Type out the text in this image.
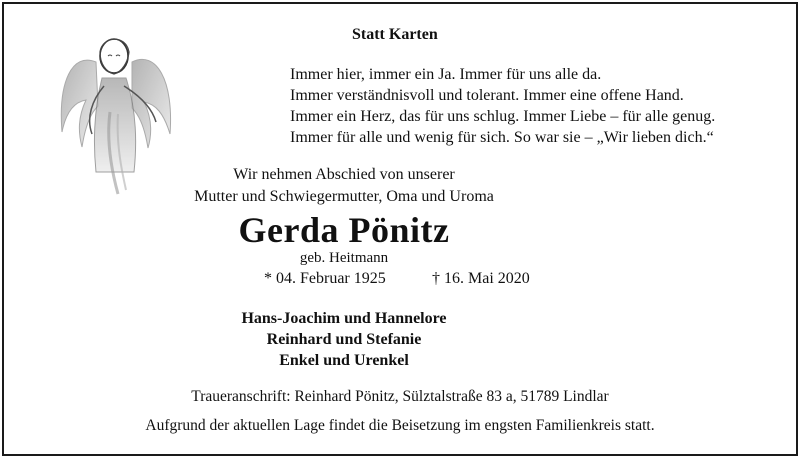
Statt Karten
Immer hier, immer ein Ja. Immer für uns alle da.
Immer verständnisvoll und tolerant. Immer eine offene Hand.
Immer ein Herz, das für uns schlug. Immer Liebe – für alle genug.
Immer für alle und wenig für sich. So war sie – „Wir lieben dich.“
Wir nehmen Abschied von unserer
Mutter und Schwiegermutter, Oma und Uroma
Gerda Pönitz
geb. Heitmann
* 04. Februar 1925	† 16. Mai 2020
Hans-Joachim und Hannelore
Reinhard und Stefanie
Enkel und Urenkel
Traueranschrift: Reinhard Pönitz, Sülztalstraße 83 a, 51789 Lindlar
Aufgrund der aktuellen Lage findet die Beisetzung im engsten Familienkreis statt.
